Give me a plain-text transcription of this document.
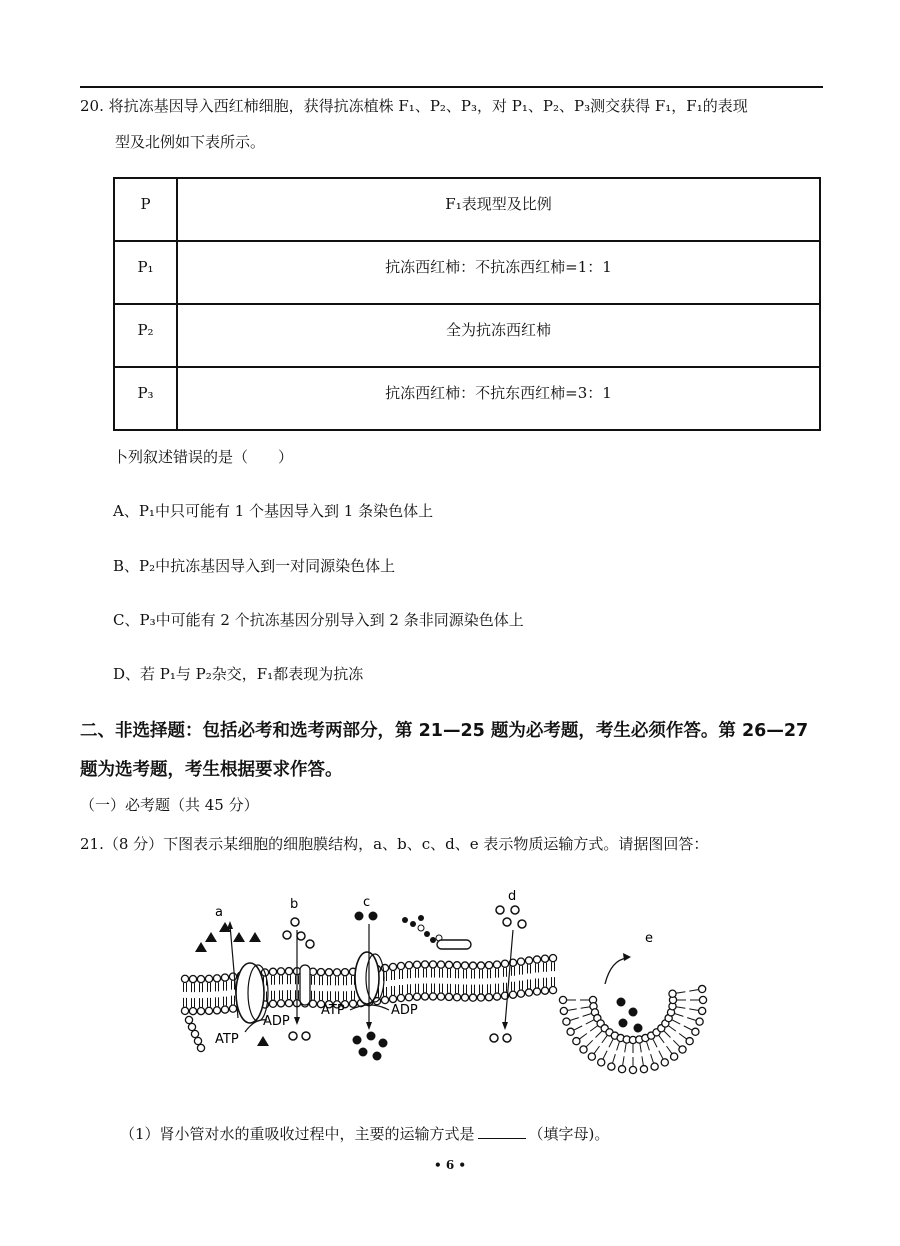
20. 将抗冻基因导入西红柿细胞，获得抗冻植株 F₁、P₂、P₃，对 P₁、P₂、P₃测交获得 F₁，F₁的表现
型及北例如下表所示。
P	F₁表现型及比例
P₁	抗冻西红柿：不抗冻西红柿=1：1
P₂	全为抗冻西红柿
P₃	抗冻西红柿：不抗东西红柿=3：1
卜列叙述错误的是（　　）
A、P₁中只可能有 1 个基因导入到 1 条染色体上
B、P₂中抗冻基因导入到一对同源染色体上
C、P₃中可能有 2 个抗冻基因分别导入到 2 条非同源染色体上
D、若 P₁与 P₂杂交，F₁都表现为抗冻
二、非选择题：包括必考和选考两部分，第 21—25 题为必考题，考生必须作答。第 26—27
题为选考题，考生根据要求作答。
（一）必考题（共 45 分）
21.（8 分）下图表示某细胞的细胞膜结构，a、b、c、d、e 表示物质运输方式。请据图回答：
a
ATP
ADP
b	c
ATP	ADP
d
e
（1）肾小管对水的重吸收过程中，主要的运输方式是	（填字母)。
• 6 •
